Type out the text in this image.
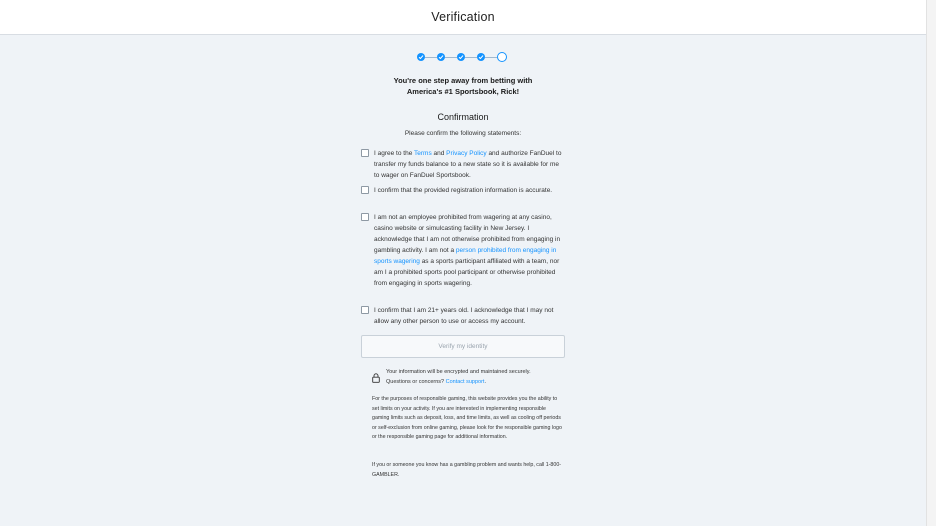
Verification
You're one step away from betting with
America's #1 Sportsbook, Rick!
Confirmation
Please confirm the following statements:
I agree to the Terms and Privacy Policy and authorize FanDuel to transfer my funds balance to a new state so it is available for me to wager on FanDuel Sportsbook.
I confirm that the provided registration information is accurate.
I am not an employee prohibited from wagering at any casino, casino website or simulcasting facility in New Jersey. I acknowledge that I am not otherwise prohibited from engaging in gambling activity. I am not a person prohibited from engaging in sports wagering as a sports participant affiliated with a team, nor am I a prohibited sports pool participant or otherwise prohibited from engaging in sports wagering.
I confirm that I am 21+ years old. I acknowledge that I may not allow any other person to use or access my account.
Verify my identity
Your information will be encrypted and maintained securely.
Questions or concerns? Contact support.
For the purposes of responsible gaming, this website provides you the ability to set limits on your activity. If you are interested in implementing responsible gaming limits such as deposit, loss, and time limits, as well as cooling off periods or self-exclusion from online gaming, please look for the responsible gaming logo or the responsible gaming page for additional information.
If you or someone you know has a gambling problem and wants help, call 1-800-GAMBLER.
